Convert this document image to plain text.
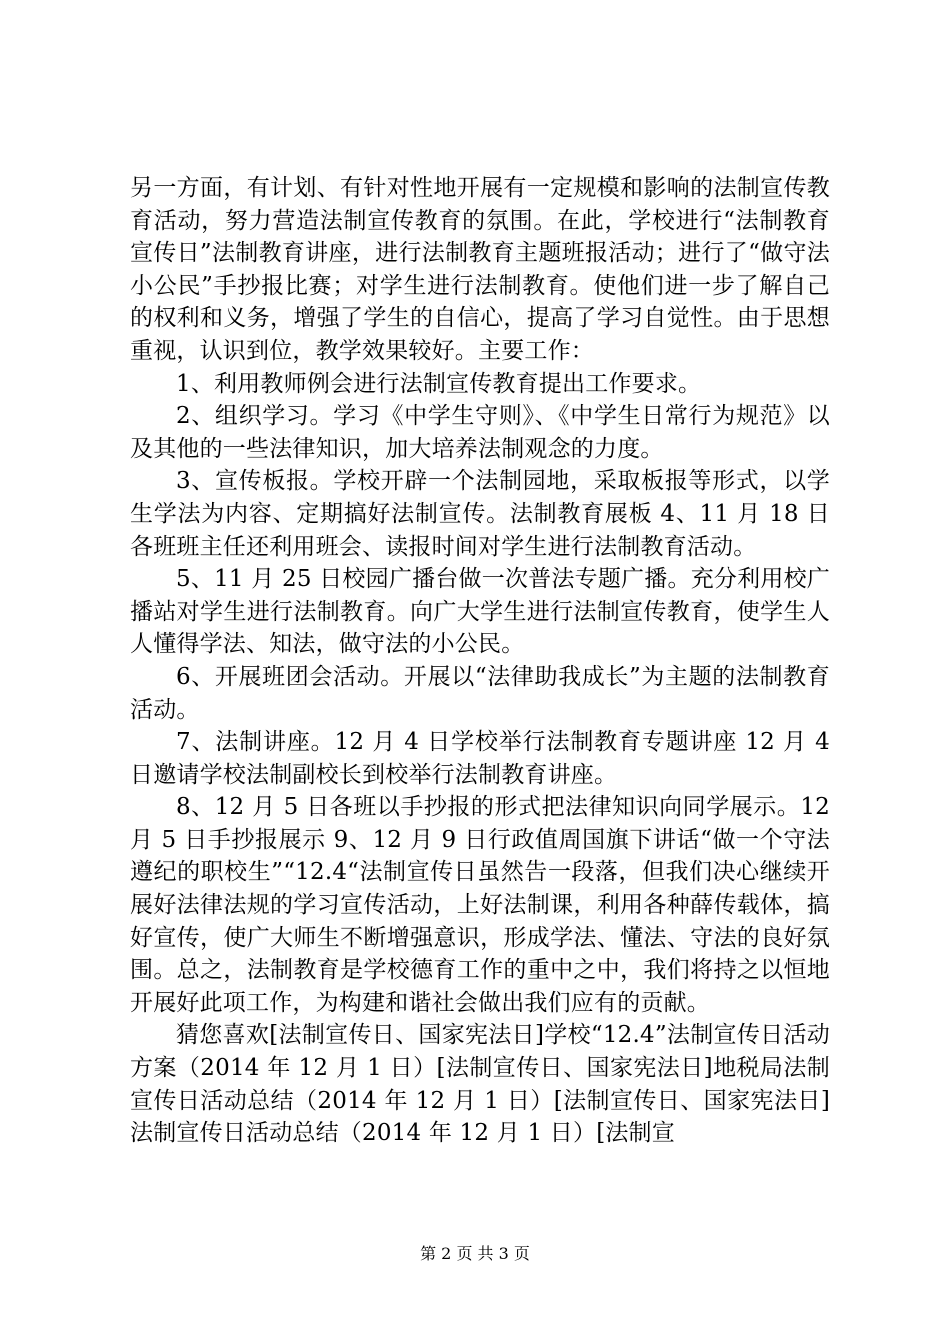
另一方面，有计划、有针对性地开展有一定规模和影响的法制宣传教育活动，努力营造法制宣传教育的氛围。在此，学校进行“法制教育宣传日”法制教育讲座，进行法制教育主题班报活动；进行了“做守法小公民”手抄报比赛；对学生进行法制教育。使他们进一步了解自己的权利和义务，增强了学生的自信心，提高了学习自觉性。由于思想重视，认识到位，教学效果较好。主要工作：

1、利用教师例会进行法制宣传教育提出工作要求。

2、组织学习。学习《中学生守则》、《中学生日常行为规范》以及其他的一些法律知识，加大培养法制观念的力度。

3、宣传板报。学校开辟一个法制园地，采取板报等形式，以学生学法为内容、定期搞好法制宣传。法制教育展板 4、11 月 18 日各班班主任还利用班会、读报时间对学生进行法制教育活动。

5、11 月 25 日校园广播台做一次普法专题广播。充分利用校广播站对学生进行法制教育。向广大学生进行法制宣传教育，使学生人人懂得学法、知法，做守法的小公民。

6、开展班团会活动。开展以“法律助我成长”为主题的法制教育活动。

7、法制讲座。12 月 4 日学校举行法制教育专题讲座 12 月 4 日邀请学校法制副校长到校举行法制教育讲座。

8、12 月 5 日各班以手抄报的形式把法律知识向同学展示。12 月 5 日手抄报展示 9、12 月 9 日行政值周国旗下讲话“做一个守法遵纪的职校生”“12.4“法制宣传日虽然告一段落，但我们决心继续开展好法律法规的学习宣传活动，上好法制课，利用各种薛传载体，搞好宣传，使广大师生不断增强意识，形成学法、懂法、守法的良好氛围。总之，法制教育是学校德育工作的重中之中，我们将持之以恒地开展好此项工作，为构建和谐社会做出我们应有的贡献。

猜您喜欢[法制宣传日、国家宪法日]学校“12.4”法制宣传日活动方案（2014 年 12 月 1 日）[法制宣传日、国家宪法日]地税局法制宣传日活动总结（2014 年 12 月 1 日）[法制宣传日、国家宪法日]法制宣传日活动总结（2014 年 12 月 1 日）[法制宣

第 2 页 共 3 页
